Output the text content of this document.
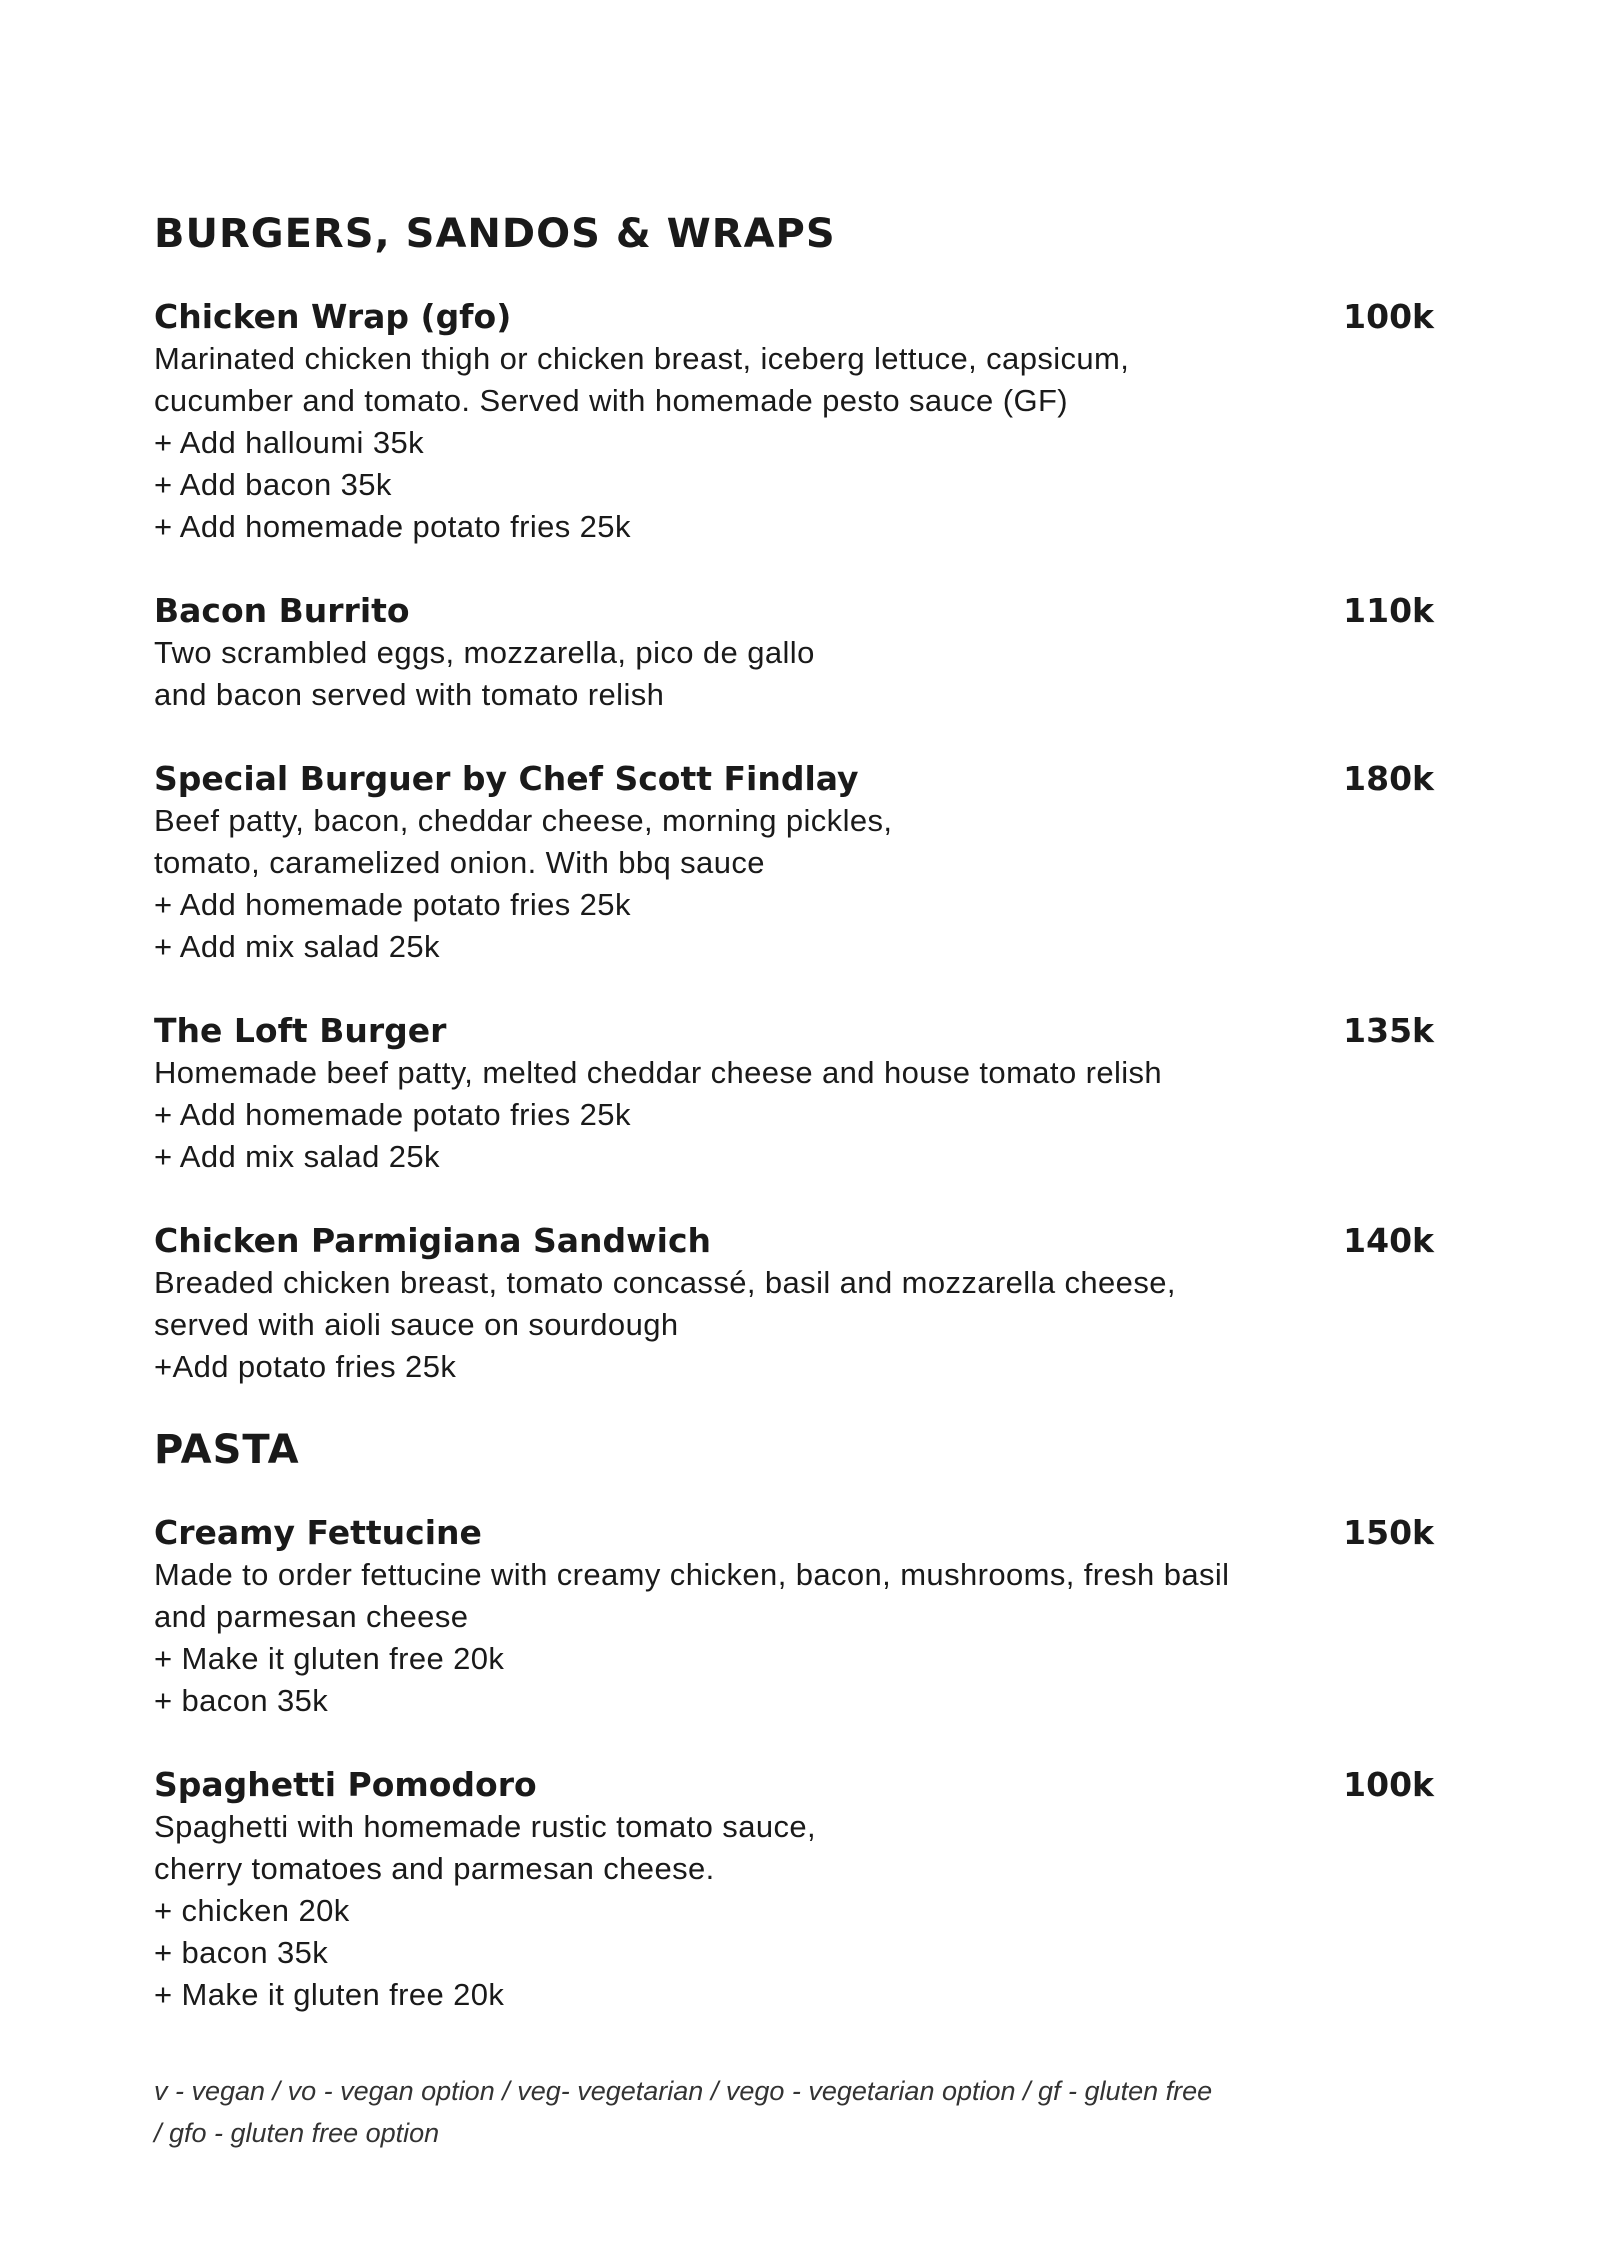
BURGERS, SANDOS & WRAPS
Chicken Wrap (gfo)	100k
Marinated chicken thigh or chicken breast, iceberg lettuce, capsicum,
cucumber and tomato. Served with homemade pesto sauce (GF)
+ Add halloumi 35k
+ Add bacon 35k
+ Add homemade potato fries 25k
Bacon Burrito	110k
Two scrambled eggs, mozzarella, pico de gallo
and bacon served with tomato relish
Special Burguer by Chef Scott Findlay	180k
Beef patty, bacon, cheddar cheese, morning pickles,
tomato, caramelized onion. With bbq sauce
+ Add homemade potato fries 25k
+ Add mix salad 25k
The Loft Burger	135k
Homemade beef patty, melted cheddar cheese and house tomato relish
+ Add homemade potato fries 25k
+ Add mix salad 25k
Chicken Parmigiana Sandwich	140k
Breaded chicken breast, tomato concassé, basil and mozzarella cheese,
served with aioli sauce on sourdough
+Add potato fries 25k
PASTA
Creamy Fettucine	150k
Made to order fettucine with creamy chicken, bacon, mushrooms, fresh basil
and parmesan cheese
+ Make it gluten free 20k
+ bacon 35k
Spaghetti Pomodoro	100k
Spaghetti with homemade rustic tomato sauce,
cherry tomatoes and parmesan cheese.
+ chicken 20k
+ bacon 35k
+ Make it gluten free 20k
v - vegan / vo - vegan option / veg- vegetarian / vego - vegetarian option / gf - gluten free
/ gfo - gluten free option
